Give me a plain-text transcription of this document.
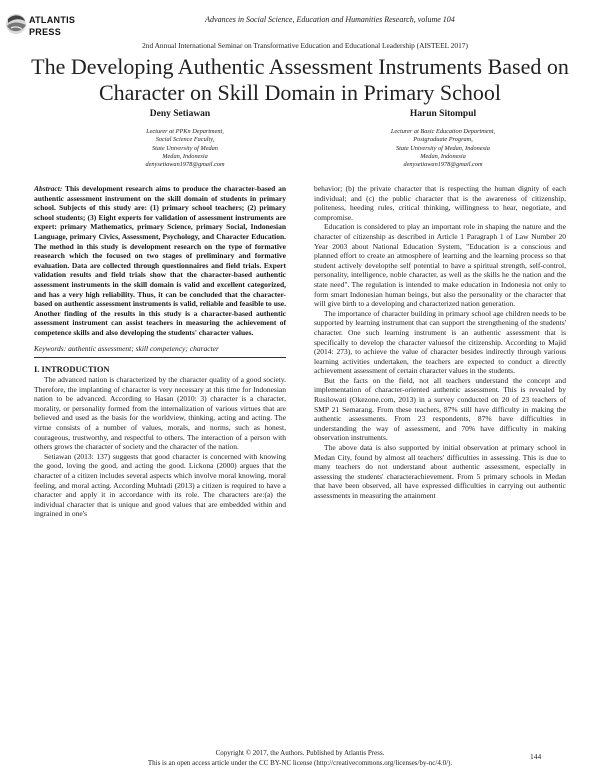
ATLANTIS
PRESS
Advances in Social Science, Education and Humanities Research, volume 104
2nd Annual International Seminar on Transformative Education and Educational Leadership (AISTEEL 2017)
The Developing Authentic Assessment Instruments Based on Character on Skill Domain in Primary School
Deny Setiawan
Lecturer at PPKn Department,
Social Science Faculty,
State University of Medan
Medan, Indonesia
denysetiawan1978@gmail.com
Harun Sitompul
Lecturer at Basic Education Department,
Postgraduate Program,
State University of Medan, Indonesia
Medan, Indonesia
denysetiawan1978@gmail.com

Abstract: This development research aims to produce the character-based an authentic assessment instrument on the skill domain of students in primary school. Subjects of this study are: (1) primary school teachers; (2) primary school students; (3) Eight experts for validation of assessment instruments are expert: primary Mathematics, primary Science, primary Social, Indonesian Language, primary Civics, Assessment, Psychology, and Character Education. The method in this study is development research on the type of formative reasearch which the focused on two stages of preliminary and formative evaluation. Data are collected through questionnaires and field trials. Expert validation results and field trials show that the character-based authentic assessment instruments in the skill domain is valid and excellent categorized, and has a very high reliability. Thus, it can be concluded that the character-based on authentic assessment instruments is valid, reliable and feasible to use. Another finding of the results in this study is a character-based authentic assessment instrument can assist teachers in measuring the achievement of competence skills and also developing the students' character values.

Keywords: authentic assessment; skill competency; character

I. INTRODUCTION

The advanced nation is characterized by the character quality of a good society. Therefore, the implanting of character is very necessary at this time for Indonesian nation to be advanced. According to Hasan (2010: 3) character is a character, morality, or personality formed from the internalization of various virtues that are believed and used as the basis for the worldview, thinking, acting and acting. The virtue consists of a number of values, morals, and norms, such as honest, courageous, trustworthy, and respectful to others. The interaction of a person with others grows the character of society and the character of the nation.

Setiawan (2013: 137) suggests that good character is concerned with knowing the good, loving the good, and acting the good. Lickona (2000) argues that the character of a citizen includes several aspects which involve moral knowing, moral feeling, and moral acting. According Muhtadi (2013) a citizen is required to have a character and apply it in accordance with its role. The characters are:(a) the individual character that is unique and good values that are embedded within and ingrained in one's

behavior; (b) the private character that is respecting the human dignity of each individual; and (c) the public character that is the awareness of citizenship, politeness, heeding rules, critical thinking, willingness to hear, negotiate, and compromise.

Education is considered to play an important role in shaping the nature and the character of citizenship as described in Article 1 Paragraph 1 of Law Number 20 Year 2003 about National Education System, "Education is a conscious and planned effort to create an atmosphere of learning and the learning process so that student actively developthe self potential to have a spiritual strength, self-control, personality, intelligence, noble character, as well as the skills he the nation and the state need". The regulation is intended to make education in Indonesia not only to form smart Indonesian human beings, but also the personality or the character that will give birth to a developing and characterized nation generation.

The importance of character building in primary school age children needs to be supported by learning instrument that can support the strengthening of the students' character. One such learning instrument is an authentic assessment that is specifically to develop the character valuesof the citizenship. According to Majid (2014: 273), to achieve the value of character besides indirectly through various learning activities undertaken, the teachers are expected to conduct a directly achievement assessment of certain character values in the students.

But the facts on the field, not all teachers understand the concept and implementation of character-oriented authentic assessment. This is revealed by Rusilowati (Okezone.com, 2013) in a survey conducted on 20 of 23 teachers of SMP 21 Semarang. From these teachers, 87% still have difficulty in making the authentic assessments. From 23 respondents, 87% have difficulties in understanding the way of assessment, and 70% have difficulty in making observation instruments.

The above data is also supported by initial observation at primary school in Medan City, found by almost all teachers' difficulties in assessing. This is due to many teachers do not understand about authentic assessment, especially in assessing the students' characterachievement. From 5 primary schools in Medan that have been observed, all have expressed difficulties in carrying out authentic assessments in measuring the attainment

Copyright © 2017, the Authors. Published by Atlantis Press.
This is an open access article under the CC BY-NC license (http://creativecommons.org/licenses/by-nc/4.0/).
144
